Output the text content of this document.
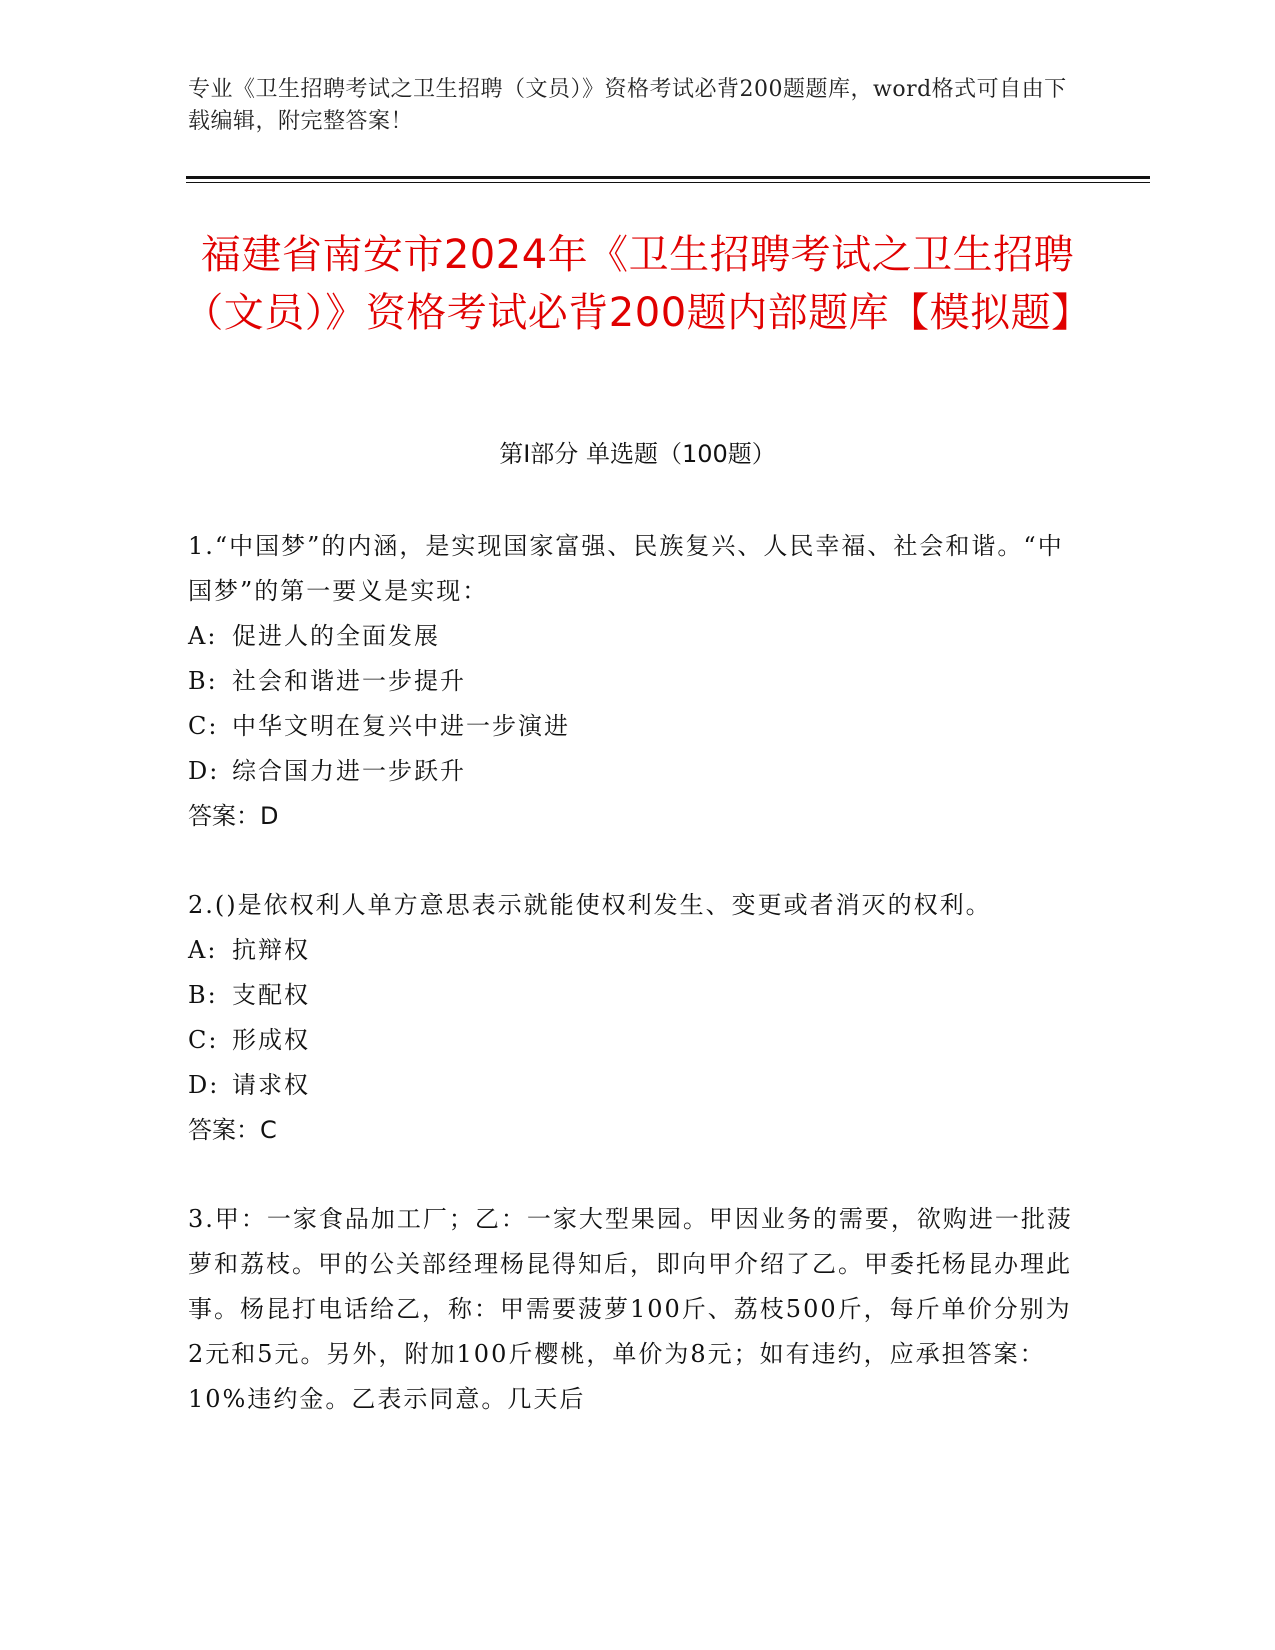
专业《卫生招聘考试之卫生招聘（文员）》资格考试必背200题题库，word格式可自由下载编辑，附完整答案！
福建省南安市2024年《卫生招聘考试之卫生招聘（文员）》资格考试必背200题内部题库【模拟题】
第I部分 单选题（100题）
1.“中国梦”的内涵，是实现国家富强、民族复兴、人民幸福、社会和谐。“中国梦”的第一要义是实现：
A: 促进人的全面发展
B: 社会和谐进一步提升
C: 中华文明在复兴中进一步演进
D: 综合国力进一步跃升
答案：D
2.()是依权利人单方意思表示就能使权利发生、变更或者消灭的权利。
A: 抗辩权
B: 支配权
C: 形成权
D: 请求权
答案：C
3.甲：一家食品加工厂；乙：一家大型果园。甲因业务的需要，欲购进一批菠萝和荔枝。甲的公关部经理杨昆得知后，即向甲介绍了乙。甲委托杨昆办理此事。杨昆打电话给乙，称：甲需要菠萝100斤、荔枝500斤，每斤单价分别为2元和5元。另外，附加100斤樱桃，单价为8元；如有违约，应承担答案：10%违约金。乙表示同意。几天后
